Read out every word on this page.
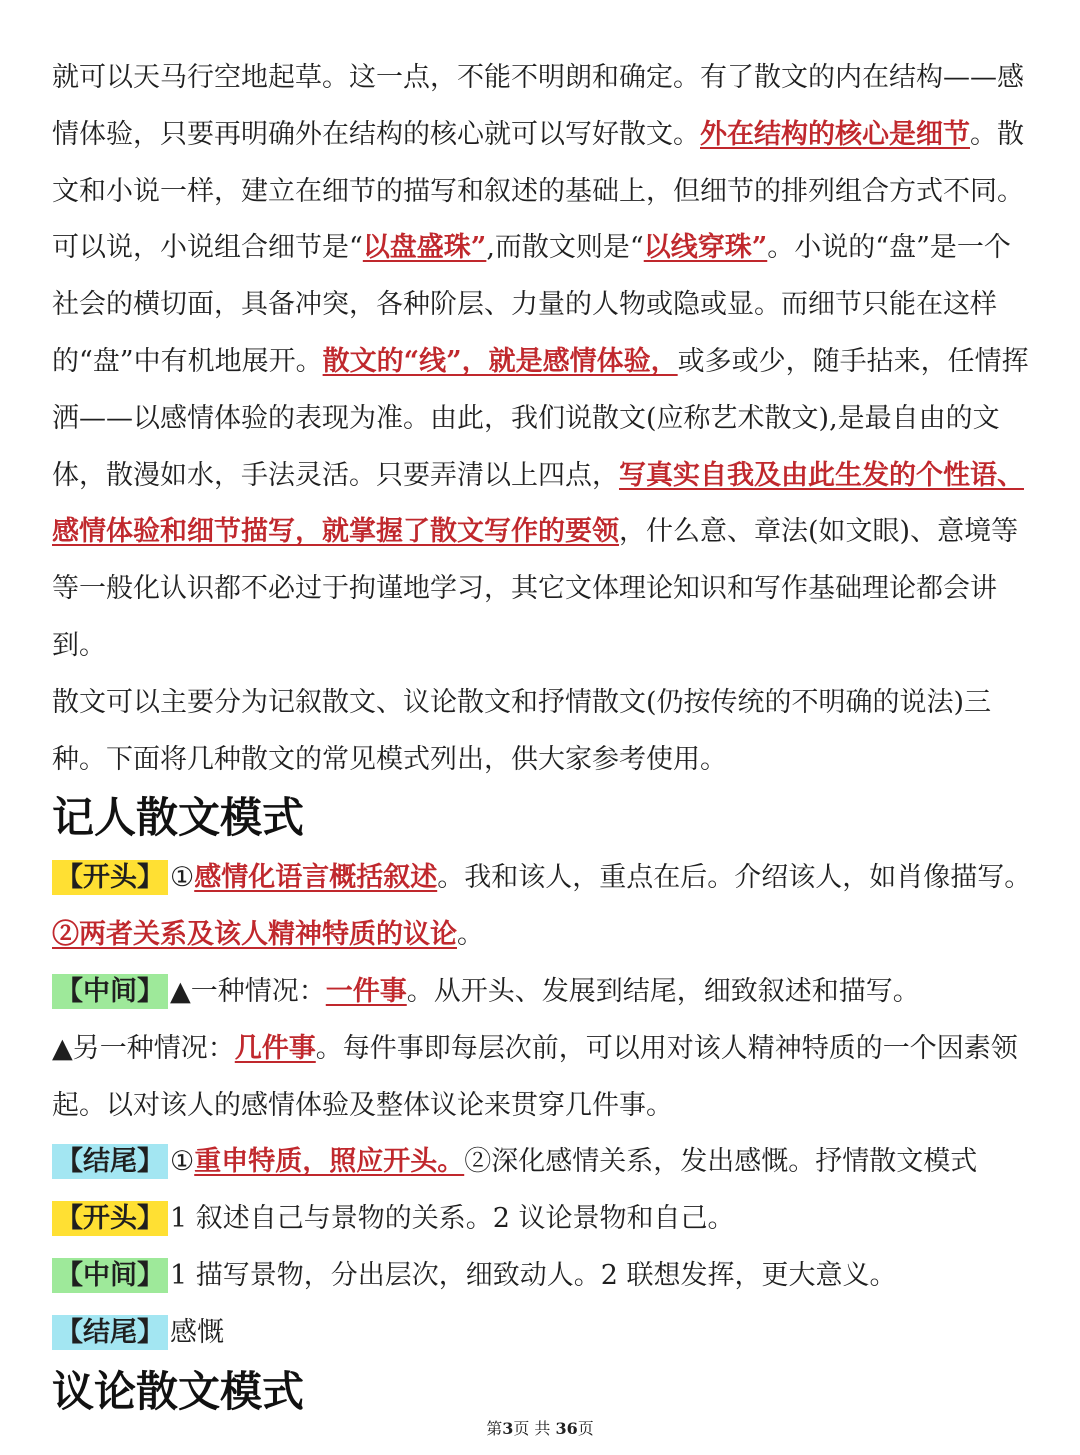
就可以天马行空地起草。这一点，不能不明朗和确定。有了散文的内在结构——感情体验，只要再明确外在结构的核心就可以写好散文。外在结构的核心是细节。散文和小说一样，建立在细节的描写和叙述的基础上，但细节的排列组合方式不同。可以说，小说组合细节是“以盘盛珠”,而散文则是“以线穿珠”。小说的“盘”是一个社会的横切面，具备冲突，各种阶层、力量的人物或隐或显。而细节只能在这样的“盘”中有机地展开。散文的“线”，就是感情体验，或多或少，随手拈来，任情挥洒——以感情体验的表现为准。由此，我们说散文(应称艺术散文),是最自由的文体，散漫如水，手法灵活。只要弄清以上四点，写真实自我及由此生发的个性语、感情体验和细节描写，就掌握了散文写作的要领，什么意、章法(如文眼)、意境等等一般化认识都不必过于拘谨地学习，其它文体理论知识和写作基础理论都会讲到。

散文可以主要分为记叙散文、议论散文和抒情散文(仍按传统的不明确的说法)三种。下面将几种散文的常见模式列出，供大家参考使用。

记人散文模式

【开头】 ①感情化语言概括叙述。我和该人，重点在后。介绍该人，如肖像描写。②两者关系及该人精神特质的议论。

【中间】 ▲一种情况：一件事。从开头、发展到结尾，细致叙述和描写。

▲另一种情况：几件事。每件事即每层次前，可以用对该人精神特质的一个因素领起。以对该人的感情体验及整体议论来贯穿几件事。

【结尾】 ①重申特质，照应开头。②深化感情关系，发出感慨。抒情散文模式

【开头】 1 叙述自己与景物的关系。2 议论景物和自己。

【中间】 1 描写景物，分出层次，细致动人。2 联想发挥，更大意义。

【结尾】 感慨

议论散文模式
第3页 共 36页
